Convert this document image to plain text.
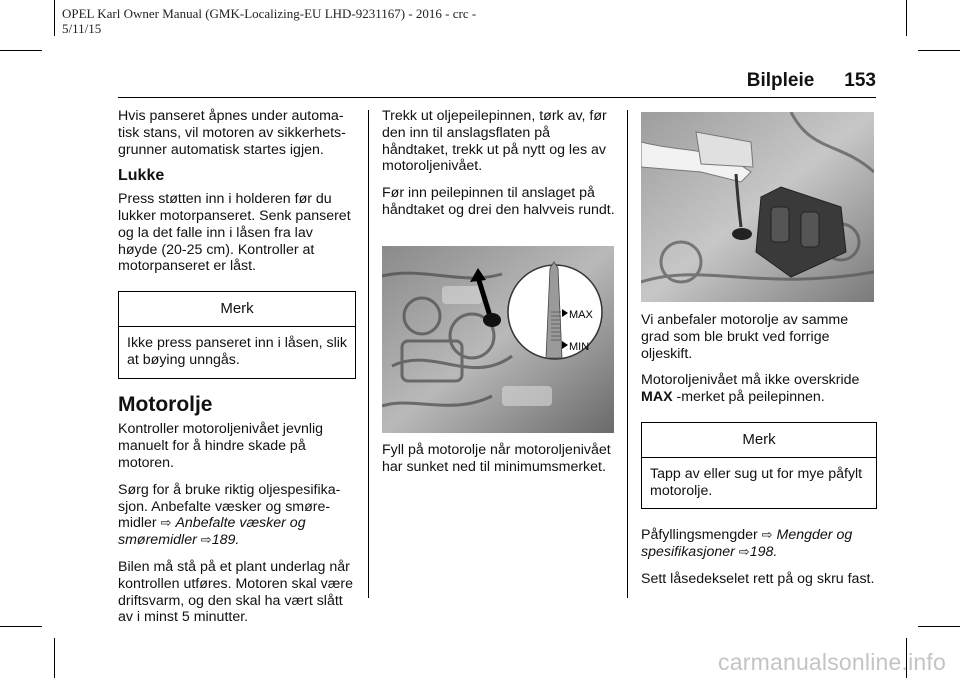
OPEL Karl Owner Manual (GMK-Localizing-EU LHD-9231167) - 2016 - crc -
5/11/15
Bilpleie 153

Hvis panseret åpnes under automa-tisk stans, vil motoren av sikkerhets-grunner automatisk startes igjen.

Lukke

Press støtten inn i holderen før du lukker motorpanseret. Senk panseret og la det falle inn i låsen fra lav høyde (20-25 cm). Kontroller at motorpanseret er låst.

Merk
Ikke press panseret inn i låsen, slik at bøying unngås.
Motorolje

Kontroller motoroljenivået jevnlig manuelt for å hindre skade på motoren.

Sørg for å bruke riktig oljespesifika-sjon. Anbefalte væsker og smøre-midler ⇨ Anbefalte væsker og smøremidler ⇨189.

Bilen må stå på et plant underlag når kontrollen utføres. Motoren skal være driftsvarm, og den skal ha vært slått av i minst 5 minutter.

Trekk ut oljepeilepinnen, tørk av, før den inn til anslagsflaten på håndtaket, trekk ut på nytt og les av motoroljenivået.

Før inn peilepinnen til anslaget på håndtaket og drei den halvveis rundt.

MAX
MIN

Fyll på motorolje når motoroljenivået har sunket ned til minimumsmerket.

Vi anbefaler motorolje av samme grad som ble brukt ved forrige oljeskift.

Motoroljenivået må ikke overskride MAX -merket på peilepinnen.

Merk
Tapp av eller sug ut for mye påfylt motorolje.

Påfyllingsmengder ⇨ Mengder og spesifikasjoner ⇨198.

Sett låsedekselet rett på og skru fast.

carmanualsonline.info
